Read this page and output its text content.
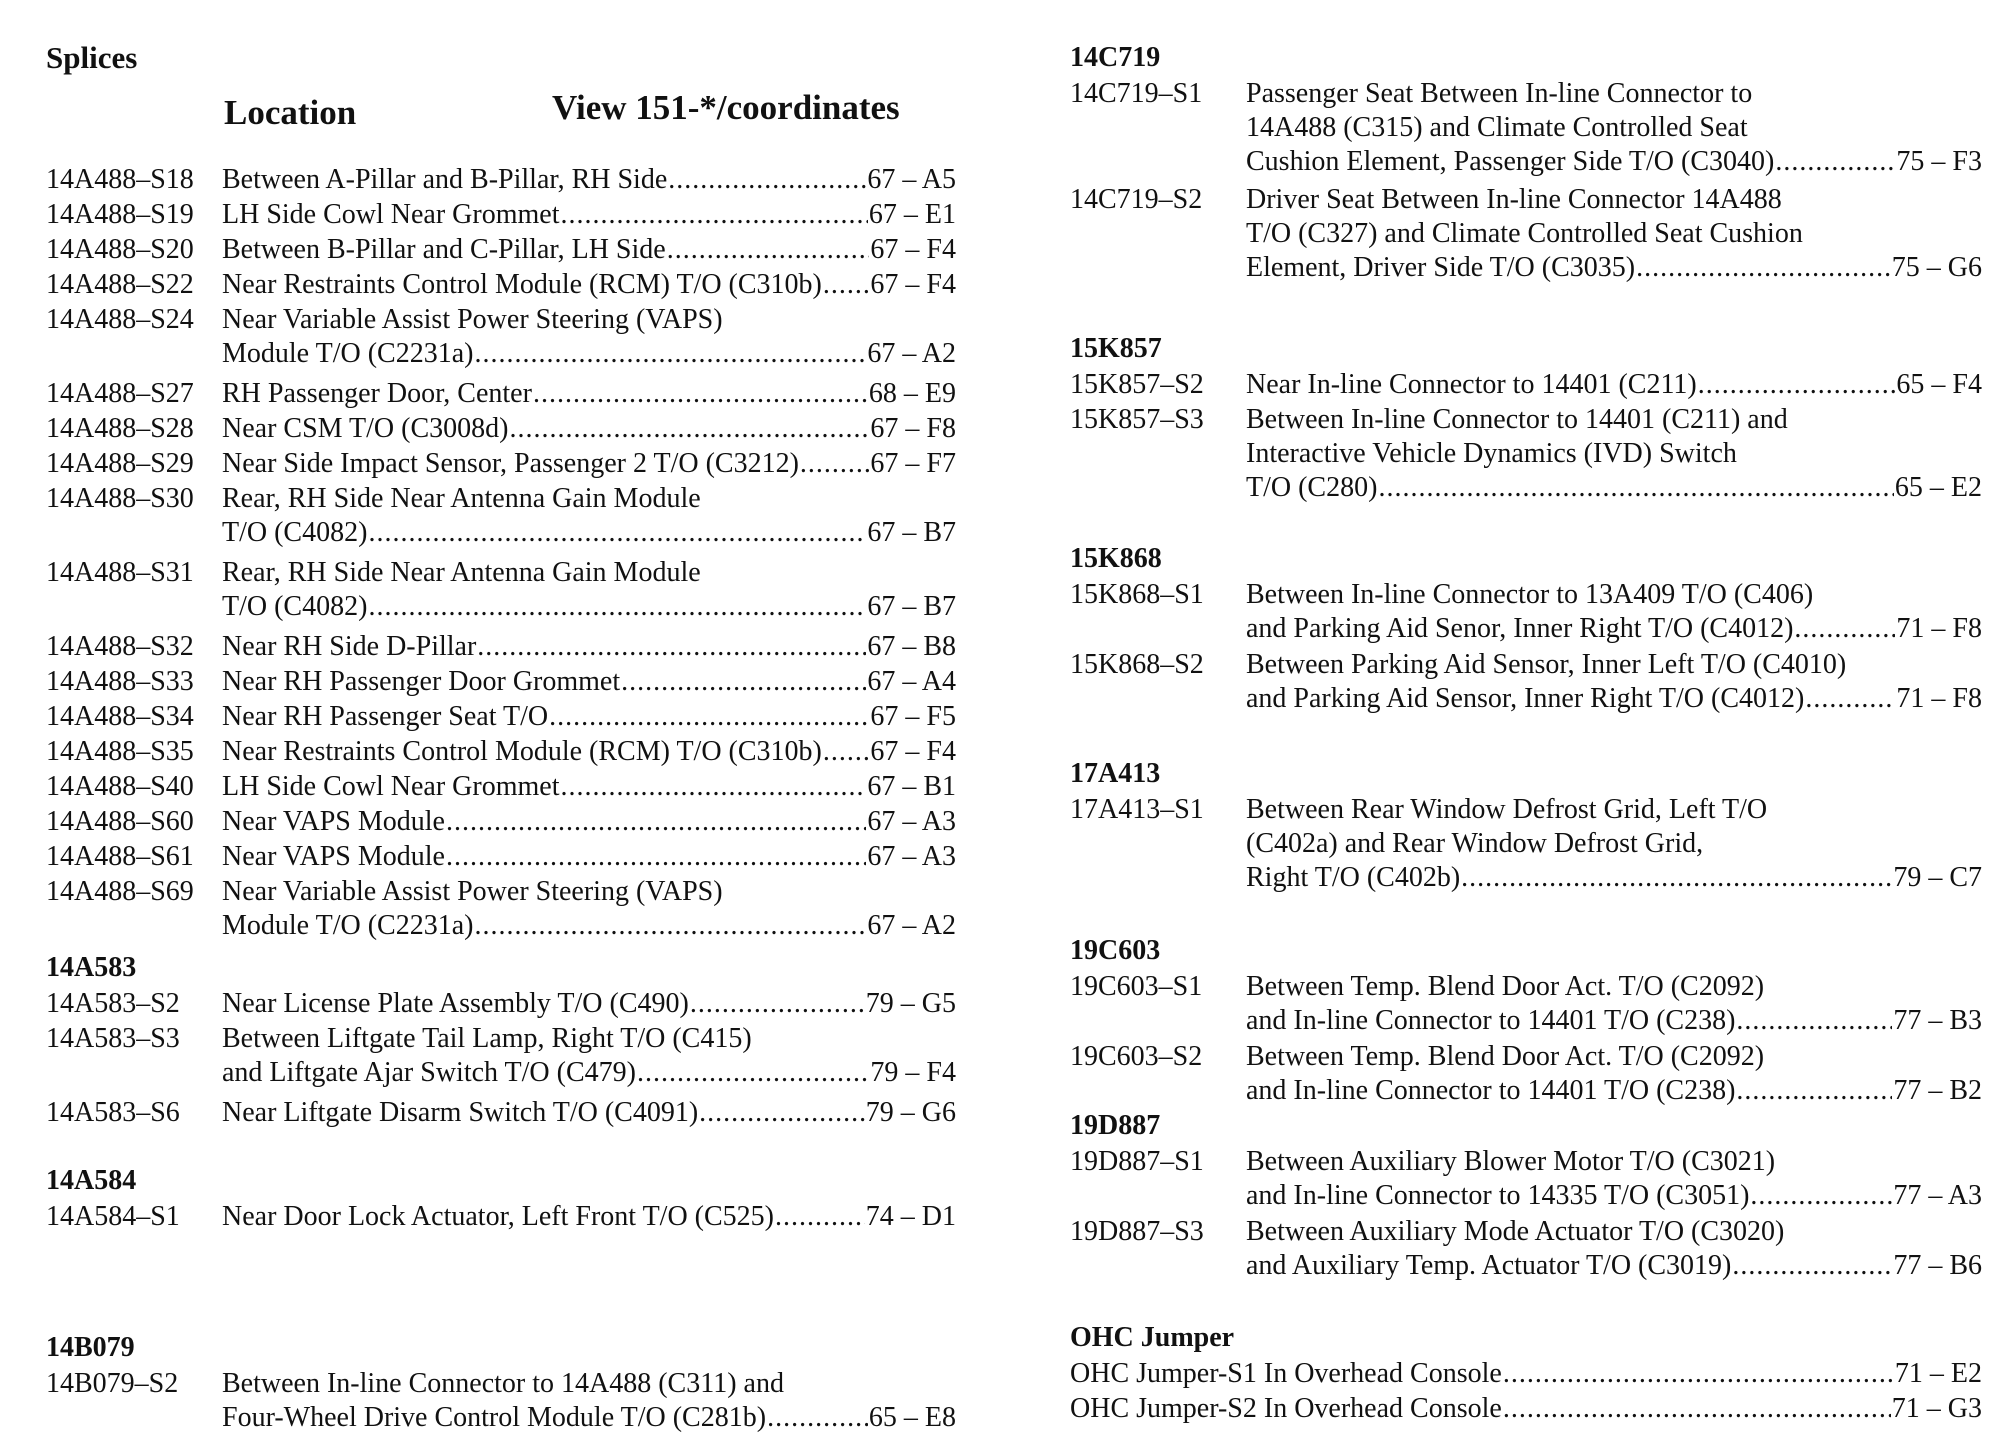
Splices
Location	View 151-*/coordinates
14A488–S18 Between A-Pillar and B-Pillar, RH Side .....	67 – A5
14A488–S19 LH Side Cowl Near Grommet .....	67 – E1
14A488–S20 Between B-Pillar and C-Pillar, LH Side .....	67 – F4
14A488–S22 Near Restraints Control Module (RCM) T/O (C310b) ..... 67 – F4
14A488–S24 Near Variable Assist Power Steering (VAPS)
Module T/O (C2231a) .....	67 – A2
14A488–S27 RH Passenger Door, Center .....	68 – E9
14A488–S28 Near CSM T/O (C3008d) .....	67 – F8
14A488–S29 Near Side Impact Sensor, Passenger 2 T/O (C3212) .....	67 – F7
14A488–S30 Rear, RH Side Near Antenna Gain Module
T/O (C4082) .....	67 – B7
14A488–S31 Rear, RH Side Near Antenna Gain Module
T/O (C4082) .....	67 – B7
14A488–S32 Near RH Side D-Pillar .....	67 – B8
14A488–S33 Near RH Passenger Door Grommet .....	67 – A4
14A488–S34 Near RH Passenger Seat T/O .....	67 – F5
14A488–S35 Near Restraints Control Module (RCM) T/O (C310b) ..... 67 – F4
14A488–S40 LH Side Cowl Near Grommet .....	67 – B1
14A488–S60 Near VAPS Module .....	67 – A3
14A488–S61 Near VAPS Module .....	67 – A3
14A488–S69 Near Variable Assist Power Steering (VAPS)
Module T/O (C2231a) .....	67 – A2
14A583
14A583–S2 Near License Plate Assembly T/O (C490) .....	79 – G5
14A583–S3 Between Liftgate Tail Lamp, Right T/O (C415)
and Liftgate Ajar Switch T/O (C479) .....	79 – F4
14A583–S6 Near Liftgate Disarm Switch T/O (C4091) .....	79 – G6
14A584
14A584–S1 Near Door Lock Actuator, Left Front T/O (C525) .....	74 – D1
14B079
14B079–S2 Between In-line Connector to 14A488 (C311) and
Four-Wheel Drive Control Module T/O (C281b) .....	65 – E8
14C719
14C719–S1 Passenger Seat Between In-line Connector to
14A488 (C315) and Climate Controlled Seat
Cushion Element, Passenger Side T/O (C3040) .....	75 – F3
14C719–S2 Driver Seat Between In-line Connector 14A488
T/O (C327) and Climate Controlled Seat Cushion
Element, Driver Side T/O (C3035) .....	75 – G6
15K857
15K857–S2 Near In-line Connector to 14401 (C211) .....	65 – F4
15K857–S3 Between In-line Connector to 14401 (C211) and
Interactive Vehicle Dynamics (IVD) Switch
T/O (C280) .....	65 – E2
15K868
15K868–S1 Between In-line Connector to 13A409 T/O (C406)
and Parking Aid Senor, Inner Right T/O (C4012) .....	71 – F8
15K868–S2 Between Parking Aid Sensor, Inner Left T/O (C4010)
and Parking Aid Sensor, Inner Right T/O (C4012) .....	71 – F8
17A413
17A413–S1 Between Rear Window Defrost Grid, Left T/O
(C402a) and Rear Window Defrost Grid,
Right T/O (C402b) .....	79 – C7
19C603
19C603–S1 Between Temp. Blend Door Act. T/O (C2092)
and In-line Connector to 14401 T/O (C238) .....	77 – B3
19C603–S2 Between Temp. Blend Door Act. T/O (C2092)
and In-line Connector to 14401 T/O (C238) .....	77 – B2
19D887
19D887–S1 Between Auxiliary Blower Motor T/O (C3021)
and In-line Connector to 14335 T/O (C3051) .....	77 – A3
19D887–S3 Between Auxiliary Mode Actuator T/O (C3020)
and Auxiliary Temp. Actuator T/O (C3019) .....	77 – B6
OHC Jumper
OHC Jumper-S1 In Overhead Console .....	71 – E2
OHC Jumper-S2 In Overhead Console .....	71 – G3
